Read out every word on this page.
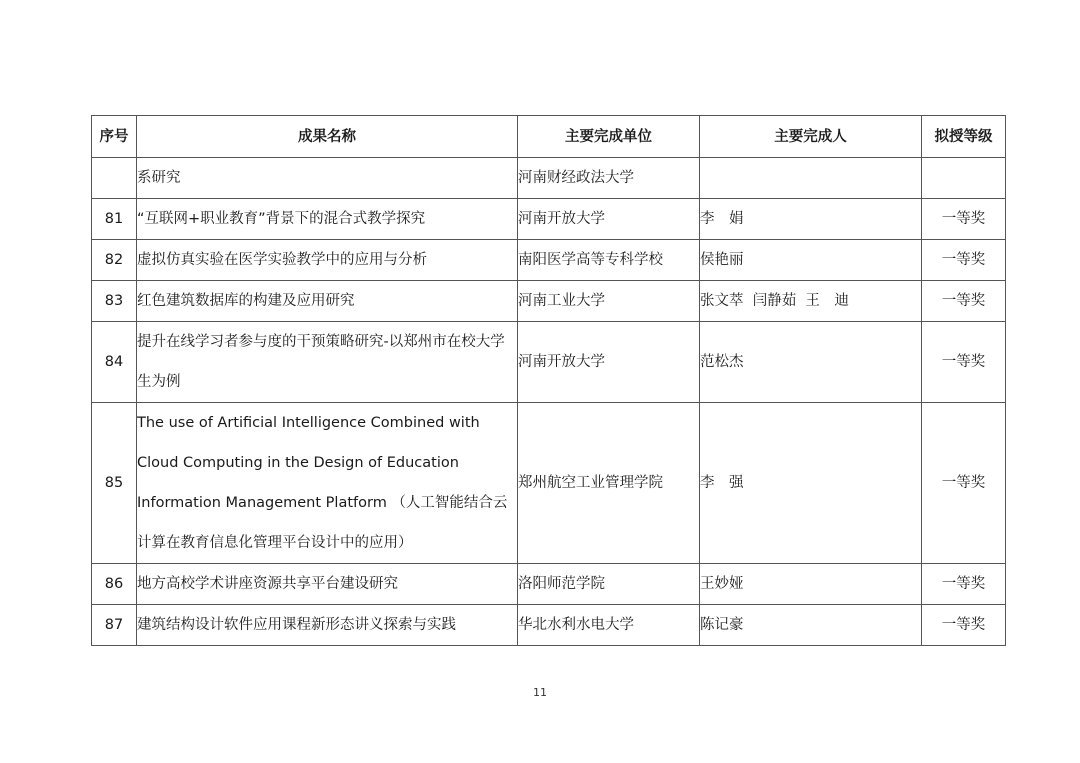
序号	成果名称	主要完成单位	主要完成人	拟授等级
	系研究	河南财经政法大学		
81	“互联网+职业教育”背景下的混合式教学探究	河南开放大学	李　娟	一等奖
82	虚拟仿真实验在医学实验教学中的应用与分析	南阳医学高等专科学校	侯艳丽	一等奖
83	红色建筑数据库的构建及应用研究	河南工业大学	张文萃  闫静茹  王　迪	一等奖
84	提升在线学习者参与度的干预策略研究-以郑州市在校大学生为例	河南开放大学	范松杰	一等奖
85	The use of Artificial Intelligence Combined with Cloud Computing in the Design of Education Information Management Platform （人工智能结合云计算在教育信息化管理平台设计中的应用）	郑州航空工业管理学院	李　强	一等奖
86	地方高校学术讲座资源共享平台建设研究	洛阳师范学院	王妙娅	一等奖
87	建筑结构设计软件应用课程新形态讲义探索与实践	华北水利水电大学	陈记豪	一等奖
11
